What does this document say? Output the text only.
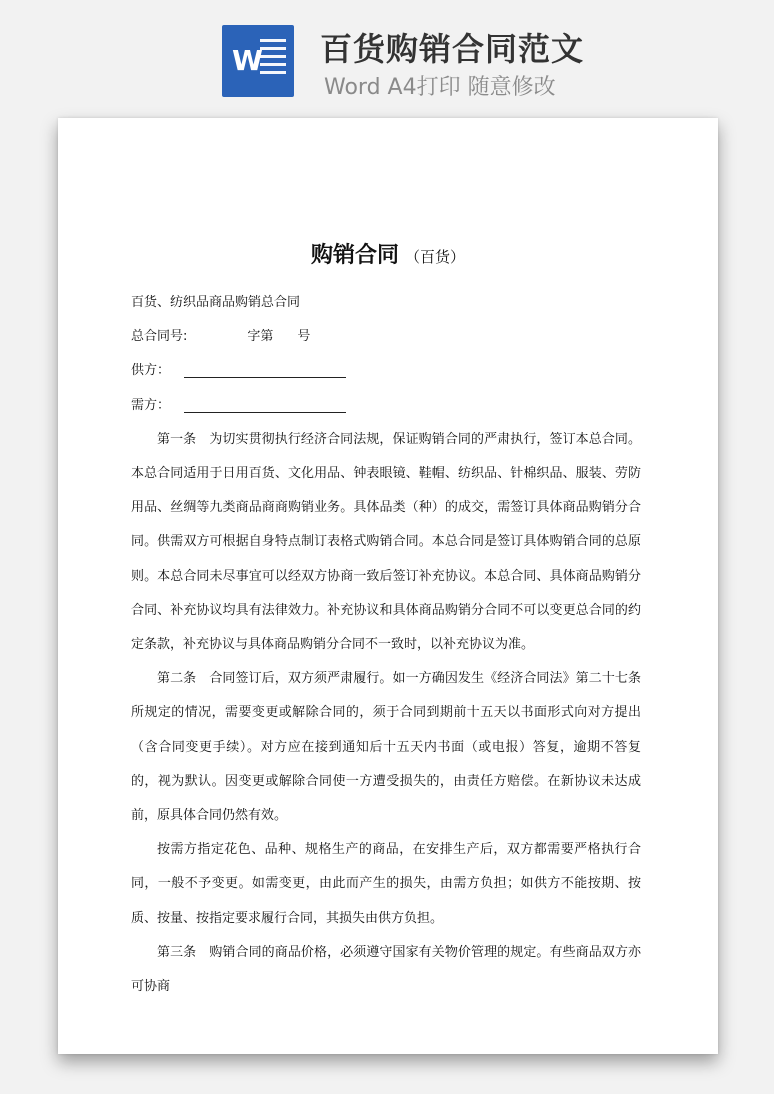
W 百货购销合同范文
Word A4打印 随意修改
购销合同 （百货）
百货、纺织品商品购销总合同
总合同号:	字第 号
供方：
需方：
第一条　为切实贯彻执行经济合同法规，保证购销合同的严肃执行，签订本总合同。本总合同适用于日用百货、文化用品、钟表眼镜、鞋帽、纺织品、针棉织品、服装、劳防用品、丝绸等九类商品商商购销业务。具体品类（种）的成交，需签订具体商品购销分合同。供需双方可根据自身特点制订表格式购销合同。本总合同是签订具体购销合同的总原则。本总合同未尽事宜可以经双方协商一致后签订补充协议。本总合同、具体商品购销分合同、补充协议均具有法律效力。补充协议和具体商品购销分合同不可以变更总合同的约定条款，补充协议与具体商品购销分合同不一致时，以补充协议为准。
第二条　合同签订后，双方须严肃履行。如一方确因发生《经济合同法》第二十七条所规定的情况，需要变更或解除合同的，须于合同到期前十五天以书面形式向对方提出（含合同变更手续）。对方应在接到通知后十五天内书面（或电报）答复，逾期不答复的，视为默认。因变更或解除合同使一方遭受损失的，由责任方赔偿。在新协议未达成前，原具体合同仍然有效。
按需方指定花色、品种、规格生产的商品，在安排生产后，双方都需要严格执行合同，一般不予变更。如需变更，由此而产生的损失，由需方负担；如供方不能按期、按质、按量、按指定要求履行合同，其损失由供方负担。
第三条　购销合同的商品价格，必须遵守国家有关物价管理的规定。有些商品双方亦可协商
